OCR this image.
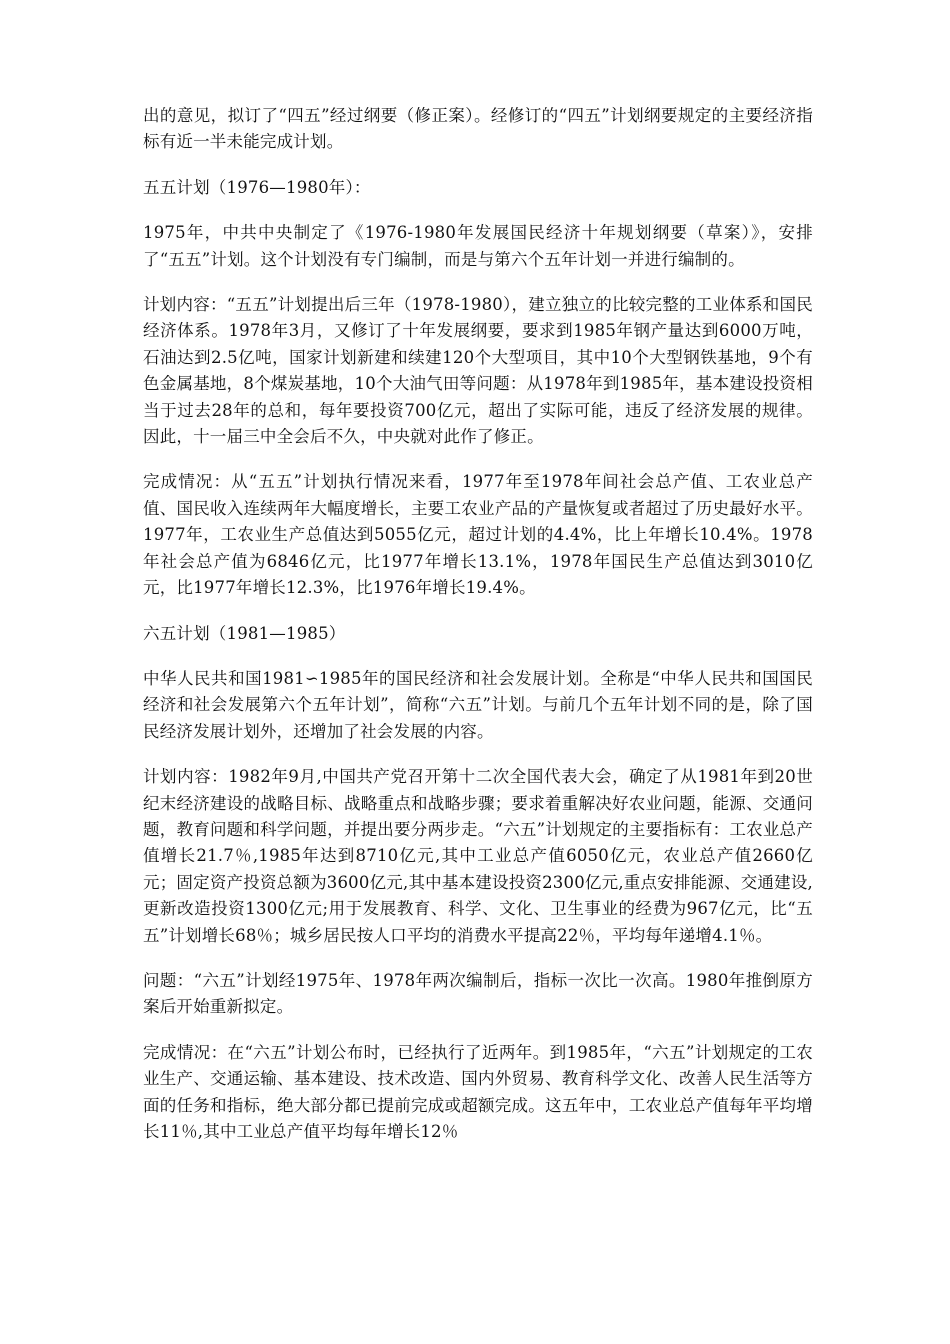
出的意见，拟订了“四五”经过纲要（修正案）。经修订的“四五”计划纲要规定的主要经济指标有近一半未能完成计划。

五五计划（1976—1980年）：

1975年，中共中央制定了《1976-1980年发展国民经济十年规划纲要（草案）》，安排了“五五”计划。这个计划没有专门编制，而是与第六个五年计划一并进行编制的。

计划内容：“五五”计划提出后三年（1978-1980），建立独立的比较完整的工业体系和国民经济体系。1978年3月，又修订了十年发展纲要，要求到1985年钢产量达到6000万吨，石油达到2.5亿吨，国家计划新建和续建120个大型项目，其中10个大型钢铁基地，9个有色金属基地，8个煤炭基地，10个大油气田等问题：从1978年到1985年，基本建设投资相当于过去28年的总和，每年要投资700亿元，超出了实际可能，违反了经济发展的规律。因此，十一届三中全会后不久，中央就对此作了修正。

完成情况：从“五五”计划执行情况来看，1977年至1978年间社会总产值、工农业总产值、国民收入连续两年大幅度增长，主要工农业产品的产量恢复或者超过了历史最好水平。1977年，工农业生产总值达到5055亿元，超过计划的4.4%，比上年增长10.4%。1978年社会总产值为6846亿元，比1977年增长13.1%，1978年国民生产总值达到3010亿元，比1977年增长12.3%，比1976年增长19.4%。

六五计划（1981—1985）

中华人民共和国1981∽1985年的国民经济和社会发展计划。全称是“中华人民共和国国民经济和社会发展第六个五年计划”，简称“六五”计划。与前几个五年计划不同的是，除了国民经济发展计划外，还增加了社会发展的内容。

计划内容：1982年9月,中国共产党召开第十二次全国代表大会，确定了从1981年到20世纪末经济建设的战略目标、战略重点和战略步骤；要求着重解决好农业问题，能源、交通问题，教育问题和科学问题，并提出要分两步走。“六五”计划规定的主要指标有：工农业总产值增长21.7％,1985年达到8710亿元,其中工业总产值6050亿元，农业总产值2660亿元；固定资产投资总额为3600亿元,其中基本建设投资2300亿元,重点安排能源、交通建设,更新改造投资1300亿元;用于发展教育、科学、文化、卫生事业的经费为967亿元，比“五五”计划增长68％；城乡居民按人口平均的消费水平提高22％，平均每年递增4.1％。

问题：“六五”计划经1975年、1978年两次编制后，指标一次比一次高。1980年推倒原方案后开始重新拟定。

完成情况：在“六五”计划公布时，已经执行了近两年。到1985年，“六五”计划规定的工农业生产、交通运输、基本建设、技术改造、国内外贸易、教育科学文化、改善人民生活等方面的任务和指标，绝大部分都已提前完成或超额完成。这五年中，工农业总产值每年平均增长11％,其中工业总产值平均每年增长12％
